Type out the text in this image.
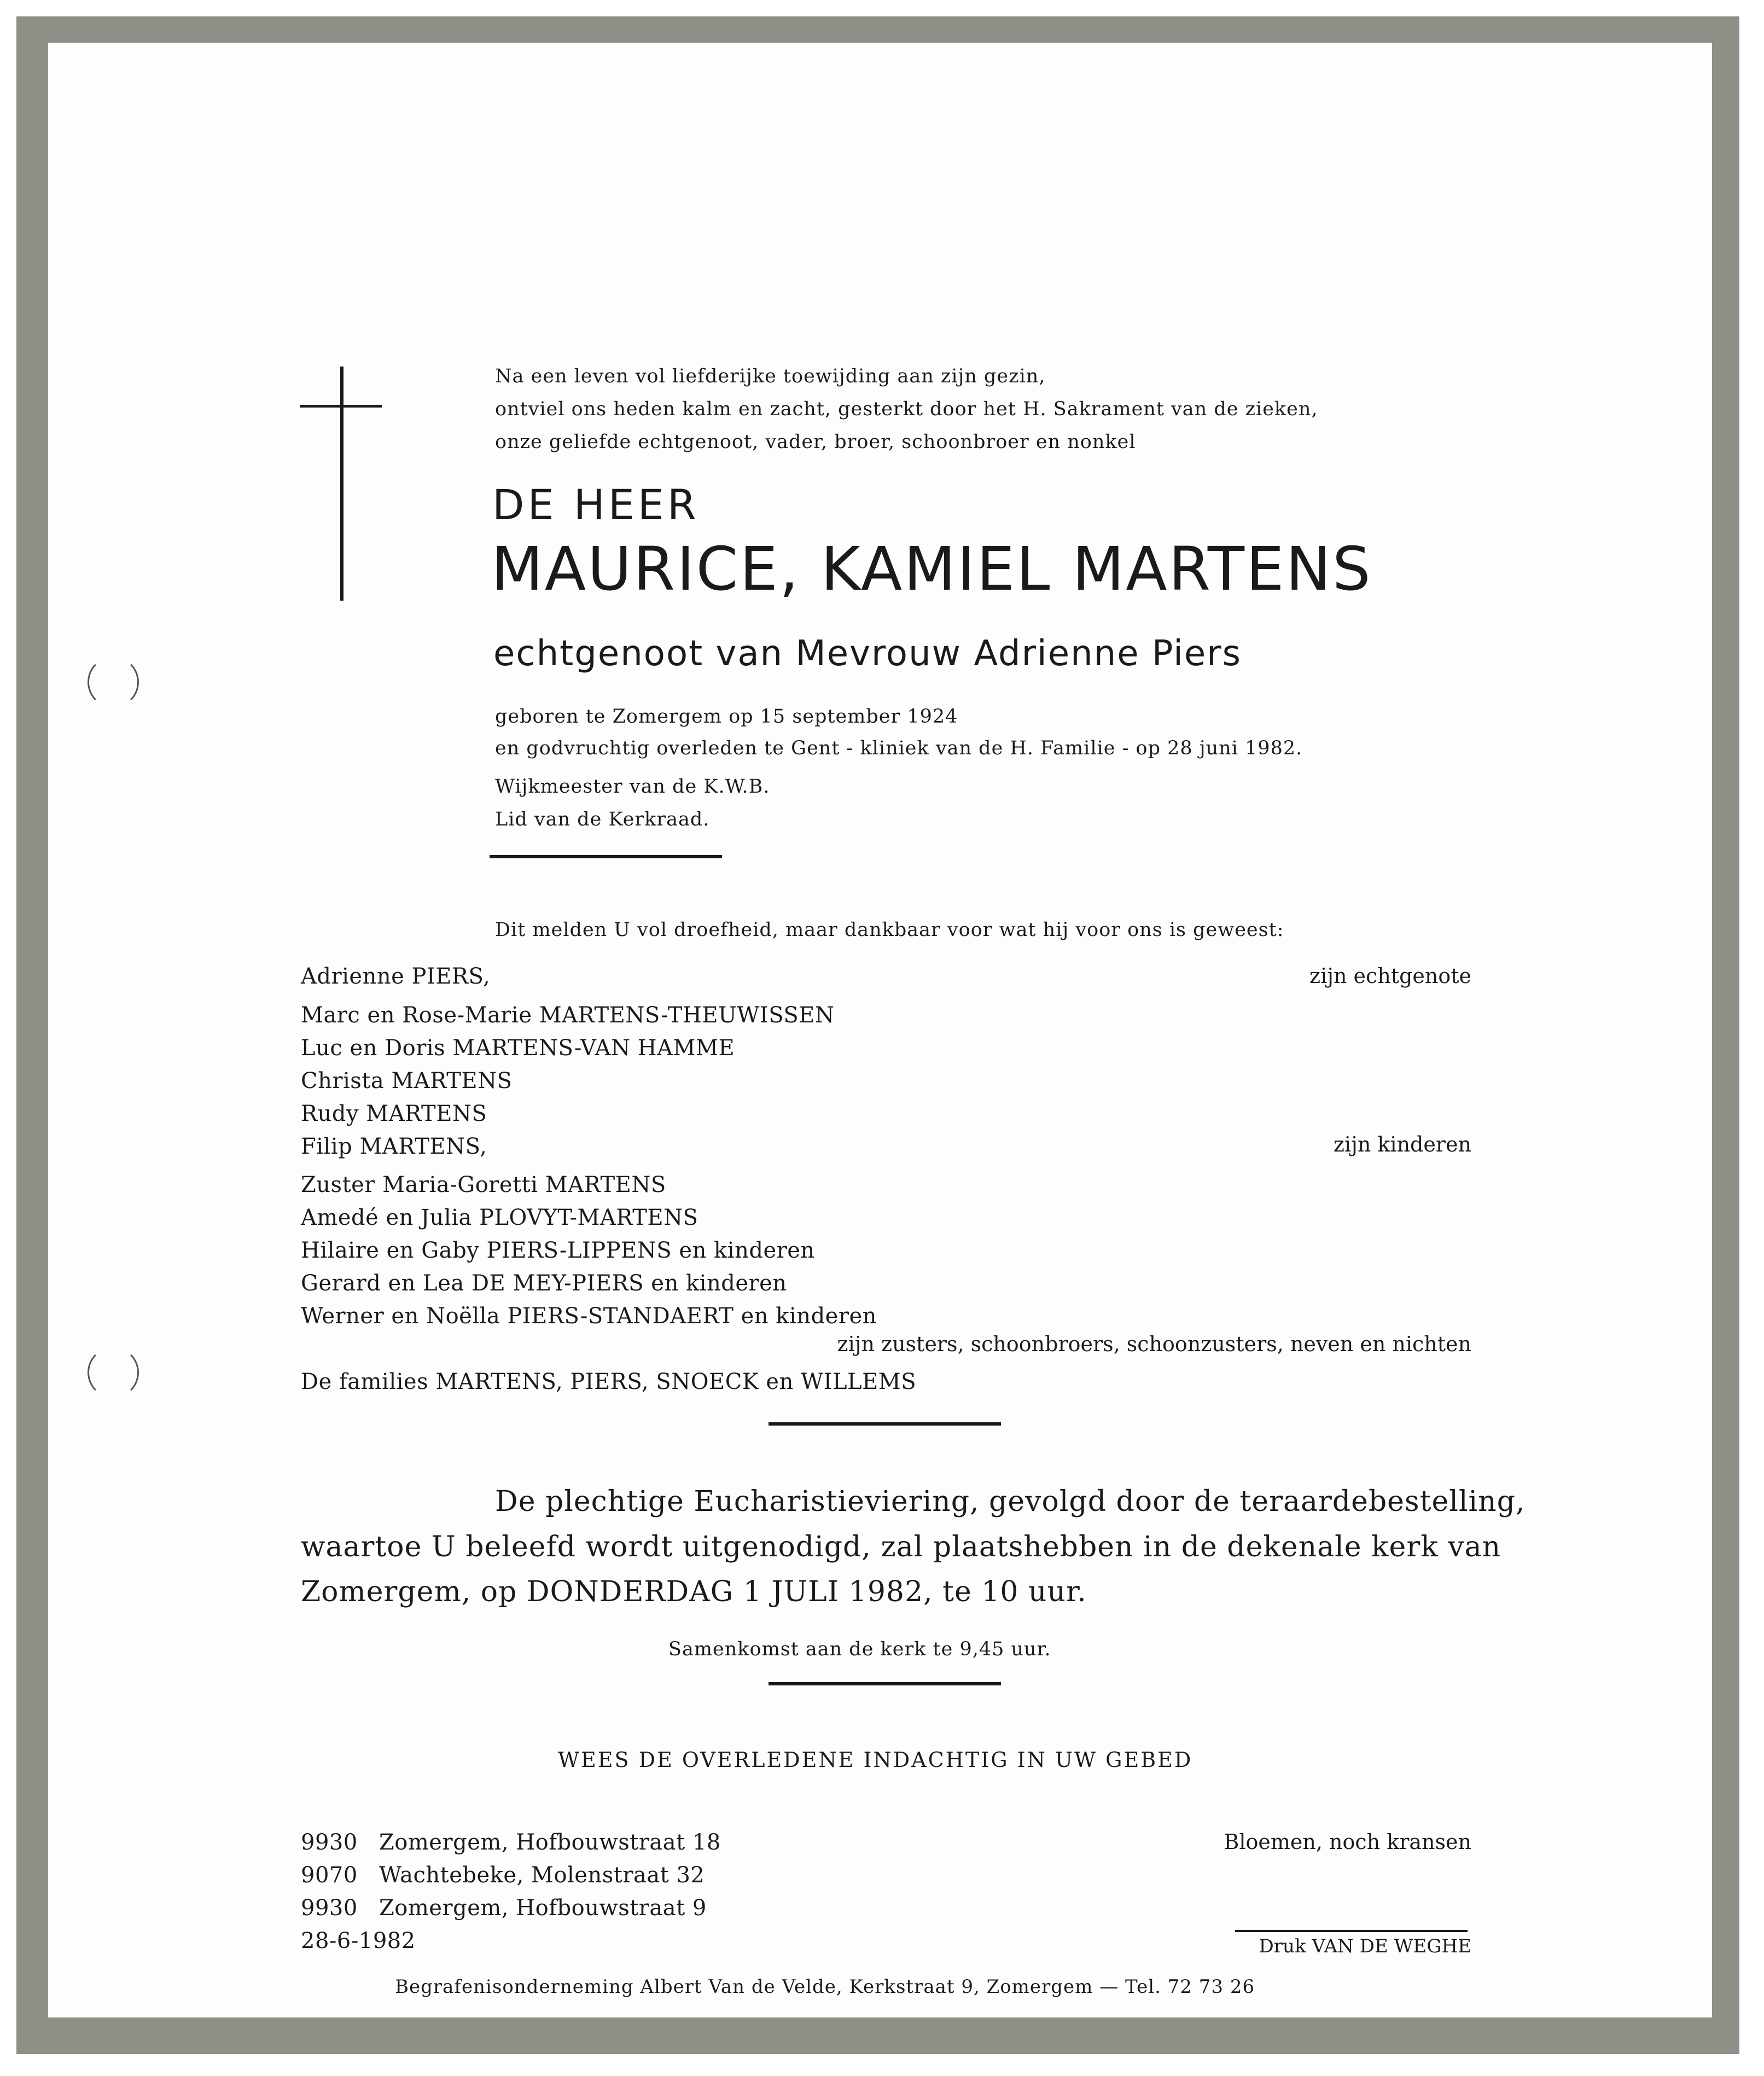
Na een leven vol liefderijke toewijding aan zijn gezin,
ontviel ons heden kalm en zacht, gesterkt door het H. Sakrament van de zieken,
onze geliefde echtgenoot, vader, broer, schoonbroer en nonkel
DE HEER
MAURICE, KAMIEL MARTENS
echtgenoot van Mevrouw Adrienne Piers
geboren te Zomergem op 15 september 1924
en godvruchtig overleden te Gent - kliniek van de H. Familie - op 28 juni 1982.
Wijkmeester van de K.W.B.
Lid van de Kerkraad.
Dit melden U vol droefheid, maar dankbaar voor wat hij voor ons is geweest:
Adrienne PIERS,	zijn echtgenote
Marc en Rose-Marie MARTENS-THEUWISSEN
Luc en Doris MARTENS-VAN HAMME
Christa MARTENS
Rudy MARTENS
Filip MARTENS,	zijn kinderen
Zuster Maria-Goretti MARTENS
Amedé en Julia PLOVYT-MARTENS
Hilaire en Gaby PIERS-LIPPENS en kinderen
Gerard en Lea DE MEY-PIERS en kinderen
Werner en Noëlla PIERS-STANDAERT en kinderen
zijn zusters, schoonbroers, schoonzusters, neven en nichten
De families MARTENS, PIERS, SNOECK en WILLEMS
De plechtige Eucharistieviering, gevolgd door de teraardebestelling,
waartoe U beleefd wordt uitgenodigd, zal plaatshebben in de dekenale kerk van
Zomergem, op DONDERDAG 1 JULI 1982, te 10 uur.
Samenkomst aan de kerk te 9,45 uur.
WEES DE OVERLEDENE INDACHTIG IN UW GEBED
9930 Zomergem, Hofbouwstraat 18
9070 Wachtebeke, Molenstraat 32
9930 Zomergem, Hofbouwstraat 9
28-6-1982
Bloemen, noch kransen
Druk VAN DE WEGHE
Begrafenisonderneming Albert Van de Velde, Kerkstraat 9, Zomergem — Tel. 72 73 26
